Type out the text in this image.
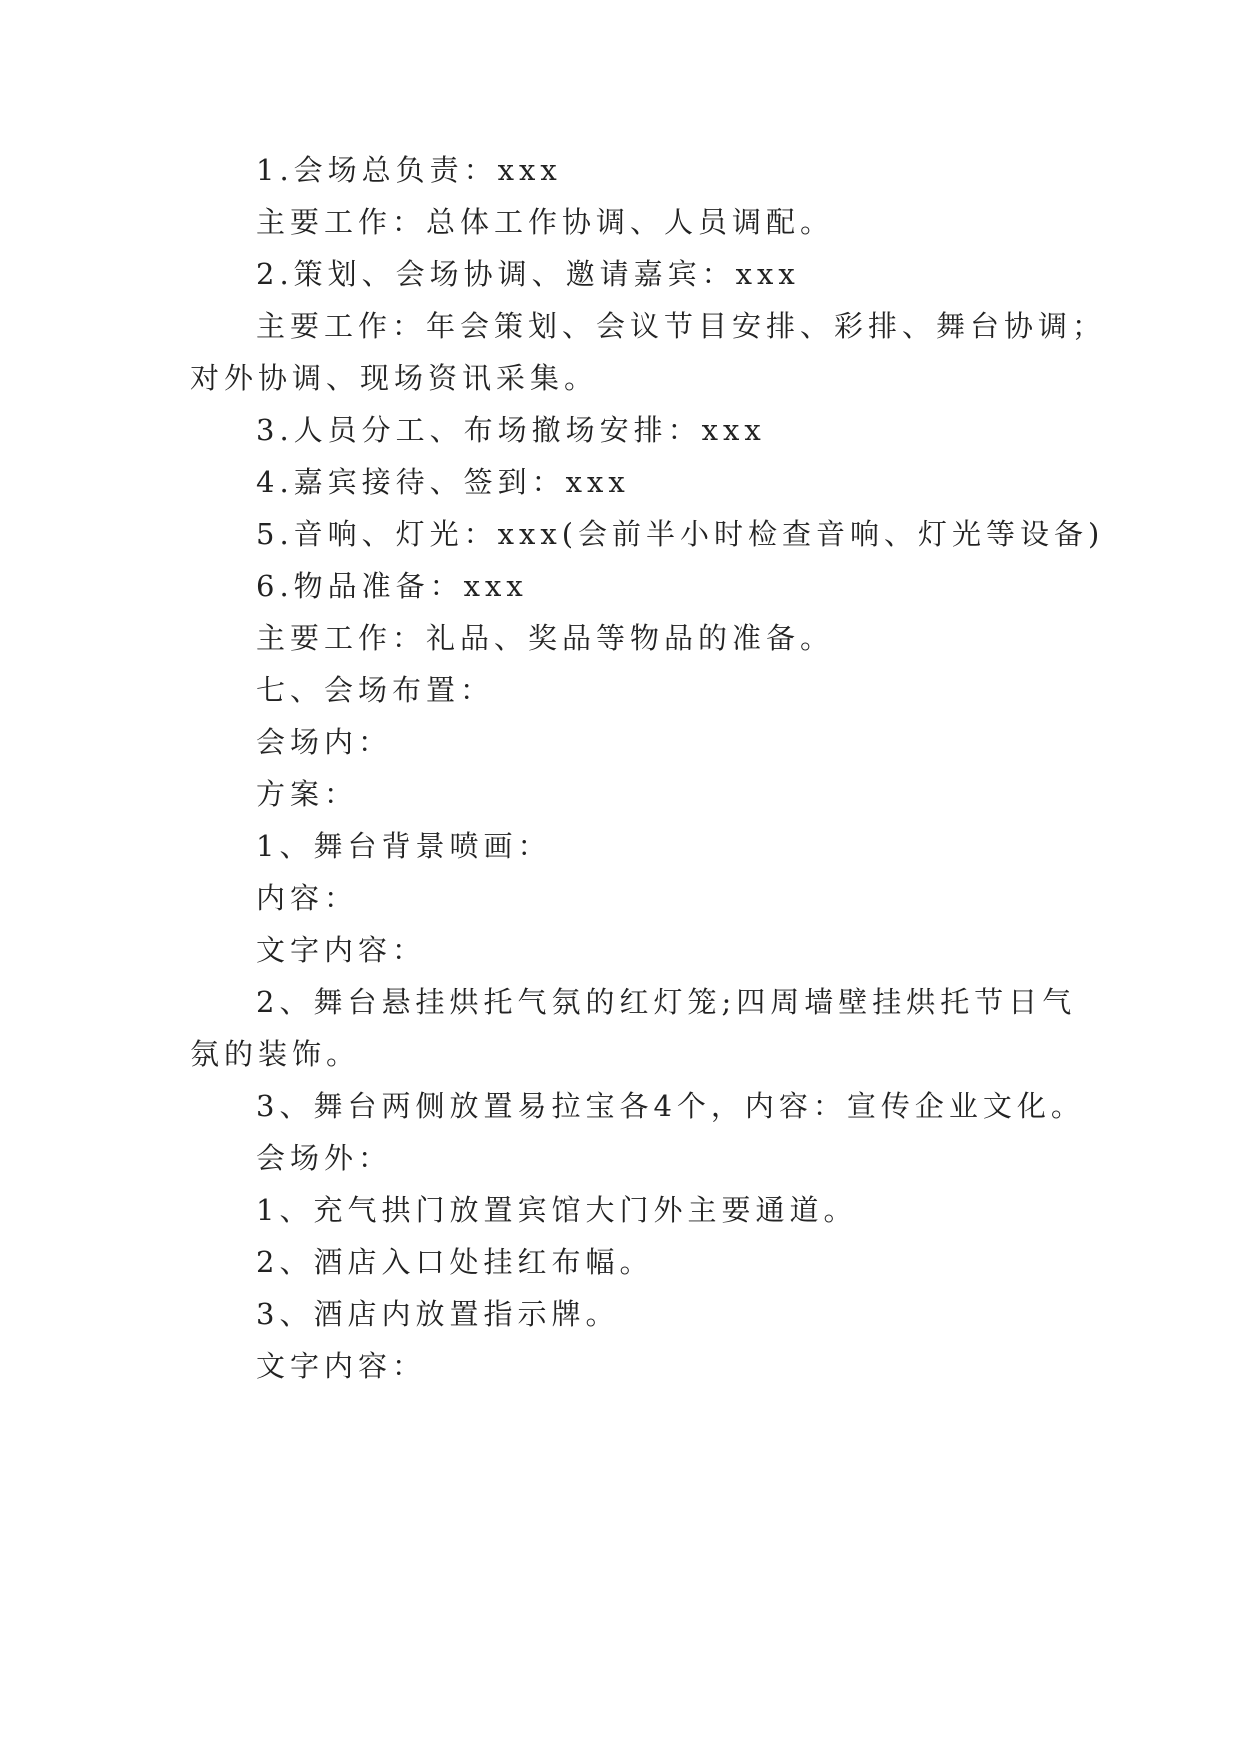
1.会场总负责：xxx
主要工作：总体工作协调、人员调配。
2.策划、会场协调、邀请嘉宾：xxx
主要工作：年会策划、会议节目安排、彩排、舞台协调；
对外协调、现场资讯采集。
3.人员分工、布场撤场安排：xxx
4.嘉宾接待、签到：xxx
5.音响、灯光：xxx(会前半小时检查音响、灯光等设备)
6.物品准备：xxx
主要工作：礼品、奖品等物品的准备。
七、会场布置：
会场内：
方案：
1、舞台背景喷画：
内容：
文字内容：
2、舞台悬挂烘托气氛的红灯笼;四周墙壁挂烘托节日气
氛的装饰。
3、舞台两侧放置易拉宝各4个，内容：宣传企业文化。
会场外：
1、充气拱门放置宾馆大门外主要通道。
2、酒店入口处挂红布幅。
3、酒店内放置指示牌。
文字内容：
